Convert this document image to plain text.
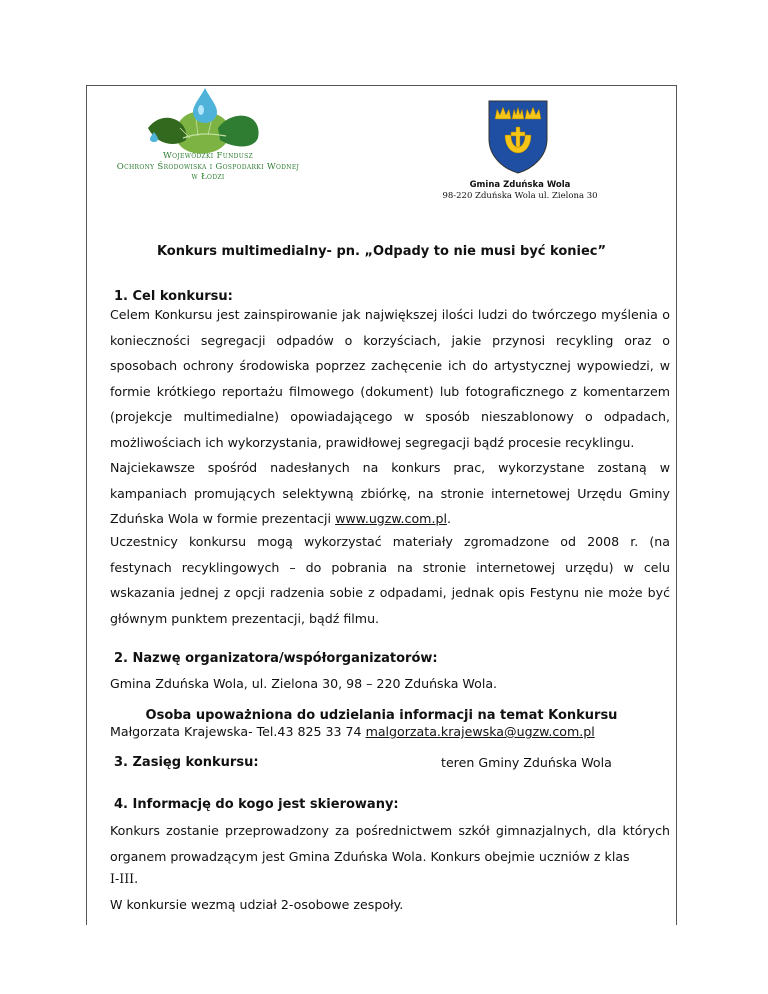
Wojewódzki Fundusz
Ochrony Środowiska i Gospodarki Wodnej
w Łodzi
Gmina Zduńska Wola
98-220 Zduńska Wola ul. Zielona 30
Konkurs multimedialny- pn. „Odpady to nie musi być koniec”
1. Cel konkursu:
Celem Konkursu jest zainspirowanie jak największej ilości ludzi do twórczego myślenia o konieczności segregacji odpadów o korzyściach, jakie przynosi recykling oraz o sposobach ochrony środowiska poprzez zachęcenie ich do artystycznej wypowiedzi, w formie krótkiego reportażu filmowego (dokument) lub fotograficznego z komentarzem (projekcje multimedialne) opowiadającego w sposób nieszablonowy o odpadach, możliwościach ich wykorzystania, prawidłowej segregacji bądź procesie recyklingu.
Najciekawsze spośród nadesłanych na konkurs prac, wykorzystane zostaną w kampaniach promujących selektywną zbiórkę, na stronie internetowej Urzędu Gminy Zduńska Wola w formie prezentacji www.ugzw.com.pl.
Uczestnicy konkursu mogą wykorzystać materiały zgromadzone od 2008 r. (na festynach recyklingowych – do pobrania na stronie internetowej urzędu) w celu wskazania jednej z opcji radzenia sobie z odpadami, jednak opis Festynu nie może być głównym punktem prezentacji, bądź filmu.
2. Nazwę organizatora/współorganizatorów:
Gmina Zduńska Wola, ul. Zielona 30, 98 – 220 Zduńska Wola.
Osoba upoważniona do udzielania informacji na temat Konkursu
Małgorzata Krajewska- Tel.43 825 33 74 malgorzata.krajewska@ugzw.com.pl
3. Zasięg konkursu:	teren Gminy Zduńska Wola
4. Informację do kogo jest skierowany:
Konkurs zostanie przeprowadzony za pośrednictwem szkół gimnazjalnych, dla których organem prowadzącym jest Gmina Zduńska Wola. Konkurs obejmie uczniów z klas
I-III.
W konkursie wezmą udział 2-osobowe zespoły.
